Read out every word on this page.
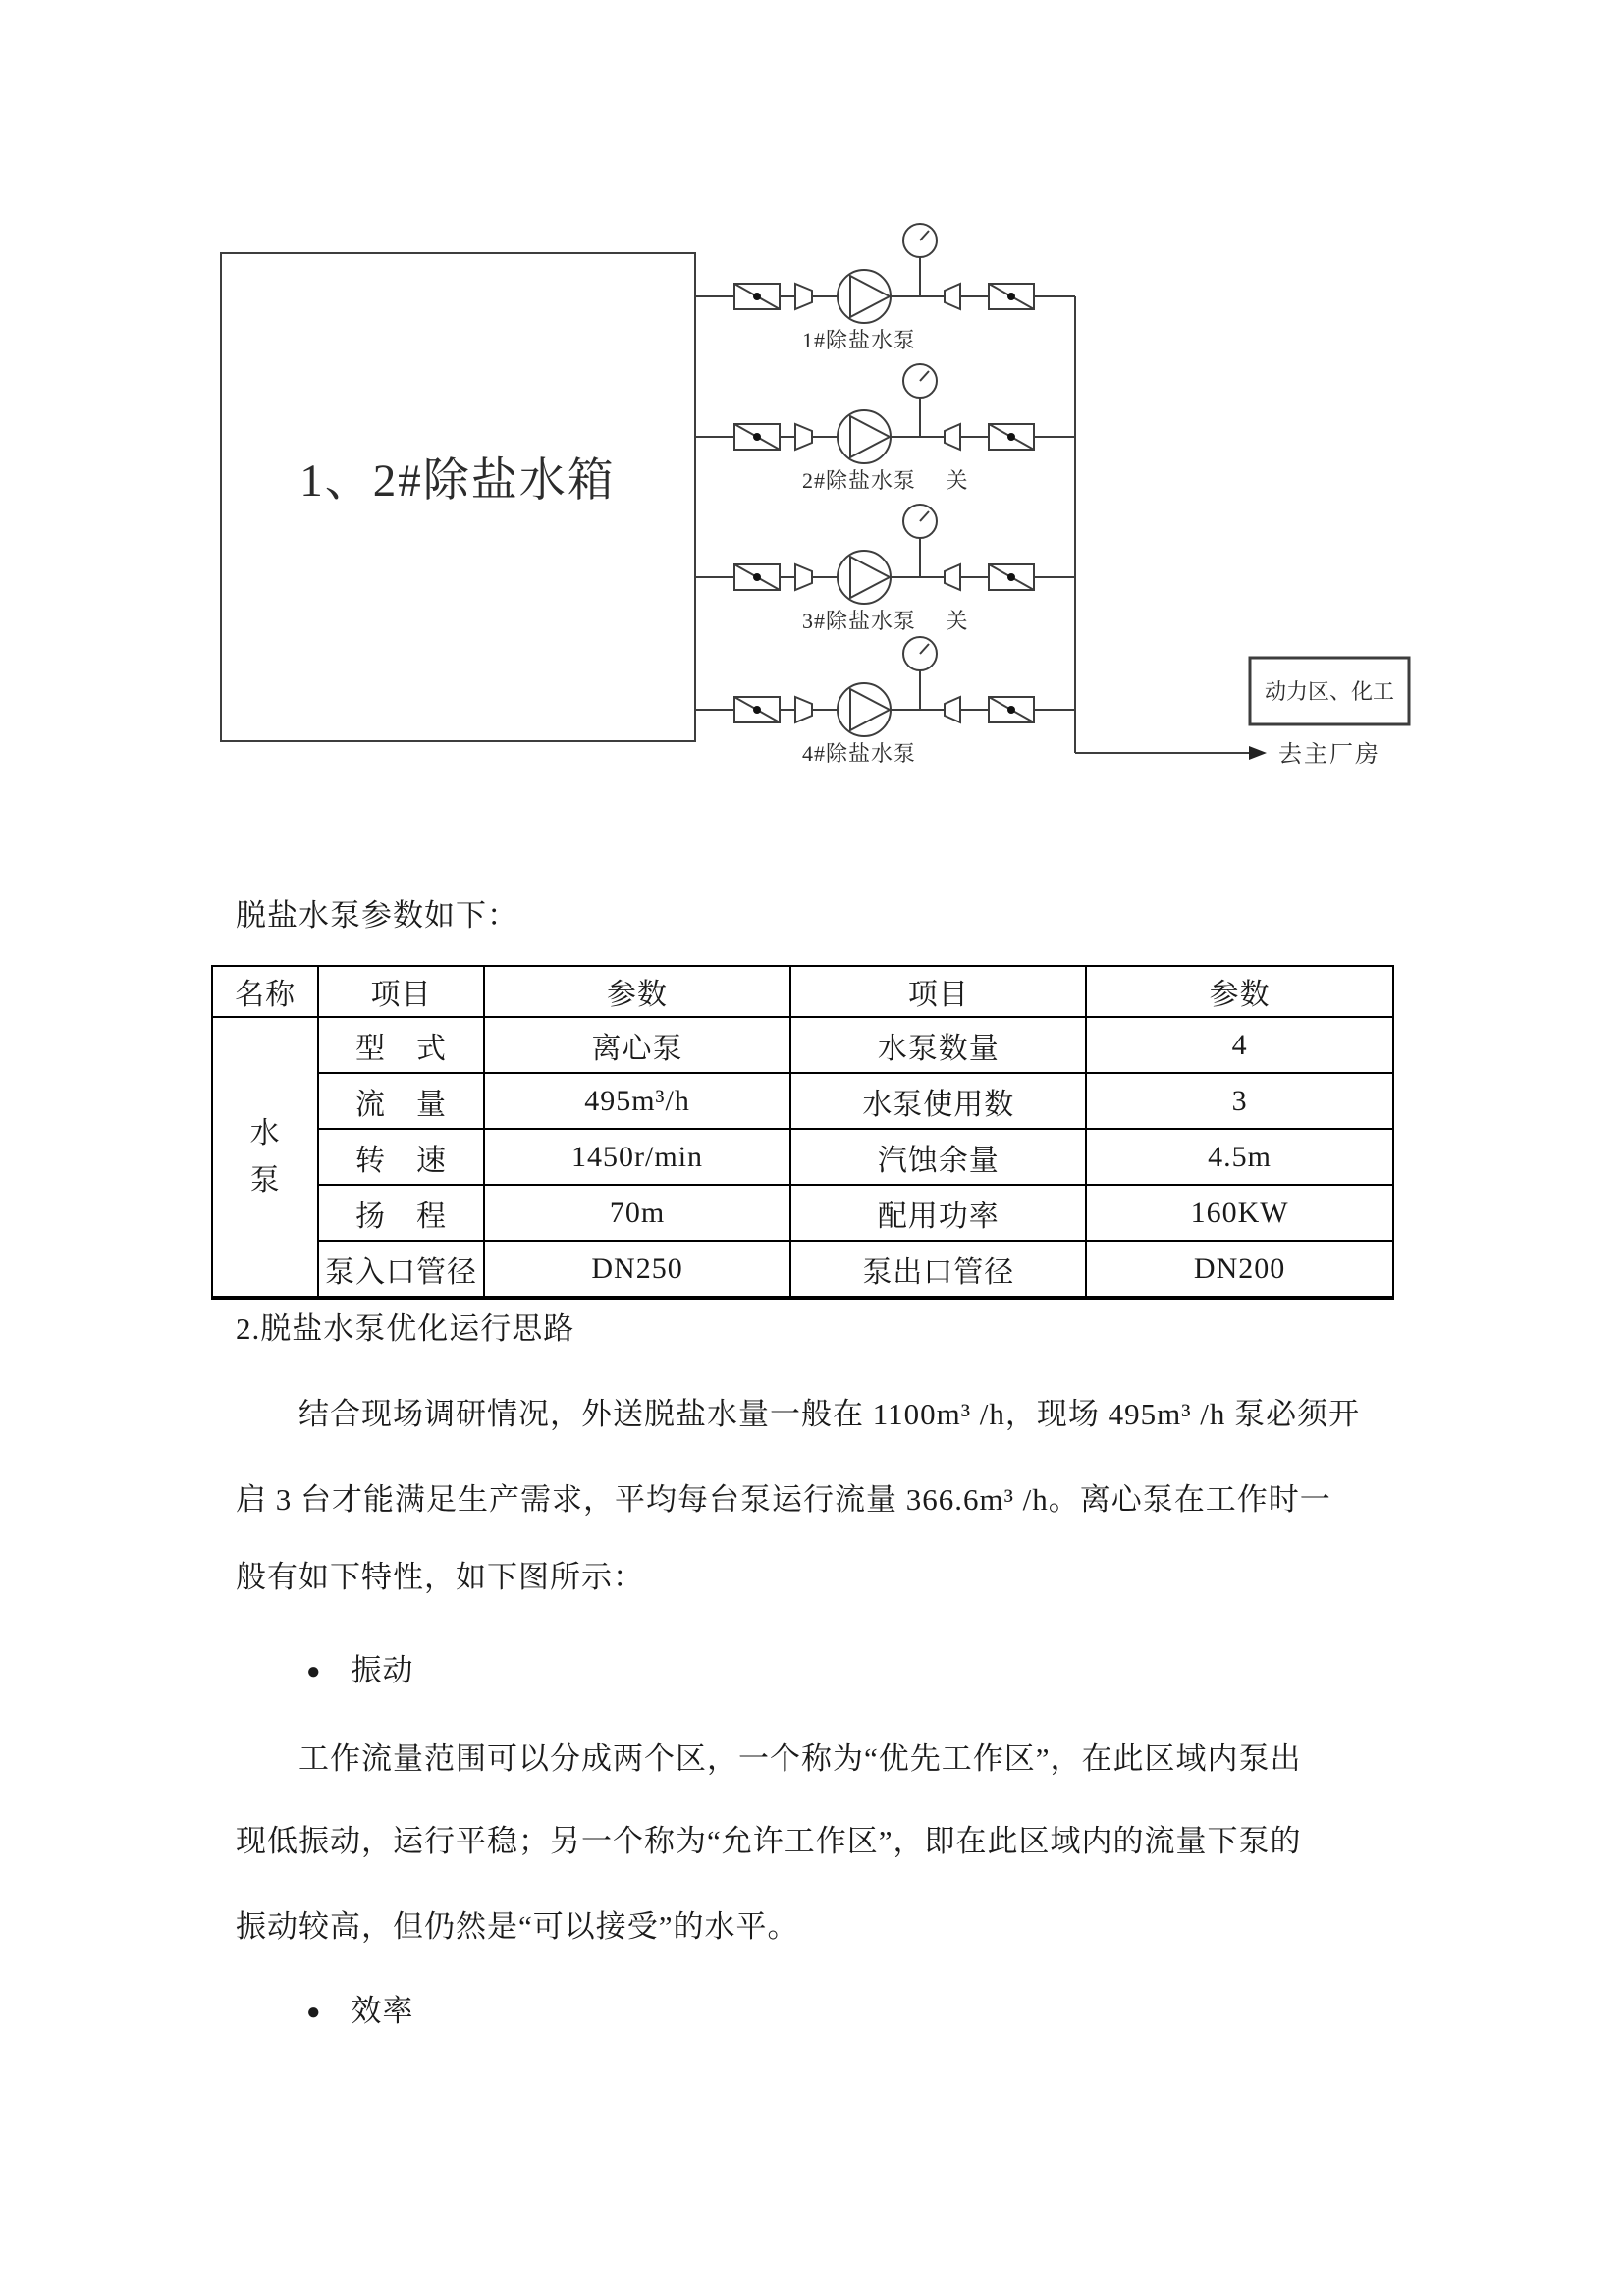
1、2#除盐水箱
1#除盐水泵
2#除盐水泵 关
3#除盐水泵 关
4#除盐水泵	去主厂房
动力区、化工
脱盐水泵参数如下：
名称	项目	参数	项目	参数

水泵	型　式	离心泵	水泵数量	4
	流　量	495m³/h	水泵使用数	3
	转　速	1450r/min	汽蚀余量	4.5m
	扬　程	70m	配用功率	160KW
	泵入口管径	DN250	泵出口管径	DN200
2.脱盐水泵优化运行思路
结合现场调研情况，外送脱盐水量一般在 1100m³ /h，现场 495m³ /h 泵必须开
启 3 台才能满足生产需求，平均每台泵运行流量 366.6m³ /h。离心泵在工作时一
般有如下特性，如下图所示：
● 振动
工作流量范围可以分成两个区，一个称为“优先工作区”，在此区域内泵出
现低振动，运行平稳；另一个称为“允许工作区”，即在此区域内的流量下泵的
振动较高，但仍然是“可以接受”的水平。
● 效率
